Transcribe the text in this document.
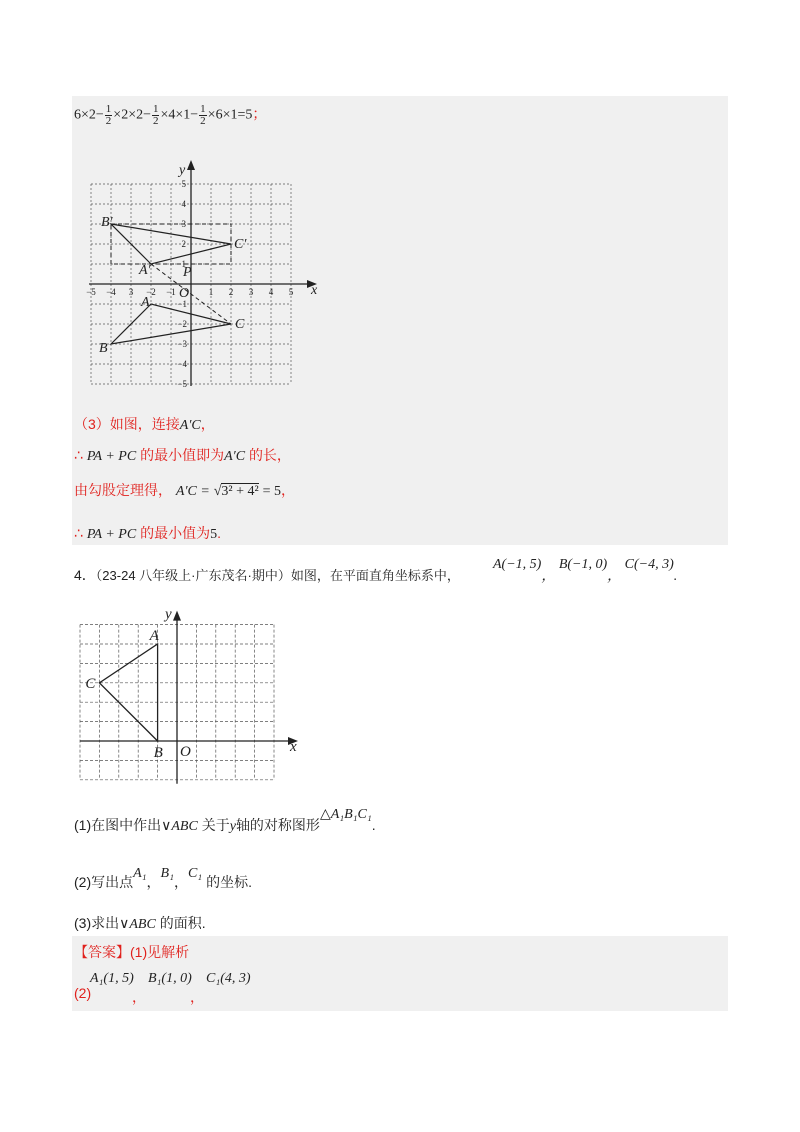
$6\times 2- \frac{1}{2} \times 2\times 2- \frac{1}{2} \times 4\times 1- \frac{1}{2} \times 6\times 1=5$；
−5 −4 3 −2 −1	1 2 3 4 5
5
4
3
2
1
−1
−2
−3
−4
−5
x
y
O
B′
C′
A′ P
A
B
C
（3）如图，连接A′C，
∴ PA + PC 的最小值即为A′C 的长，
由勾股定理得， A′C = √3² + 4² = 5，
∴ PA + PC 的最小值为5.
4．（23-24 八年级上·广东茂名·期中）如图，在平面直角坐标系中，
A(−1, 5)， B(−1, 0)， C(−4, 3).
x
y
O
A
B
C
(1)在图中作出∨ABC 关于y轴的对称图形△A₁B₁C₁.
(2)写出点A₁，B₁，C₁ 的坐标.
(3)求出∨ABC 的面积.
【答案】(1)见解析
(2)
A₁(1, 5)
，
B₁(1, 0)
，
C₁(4, 3)
